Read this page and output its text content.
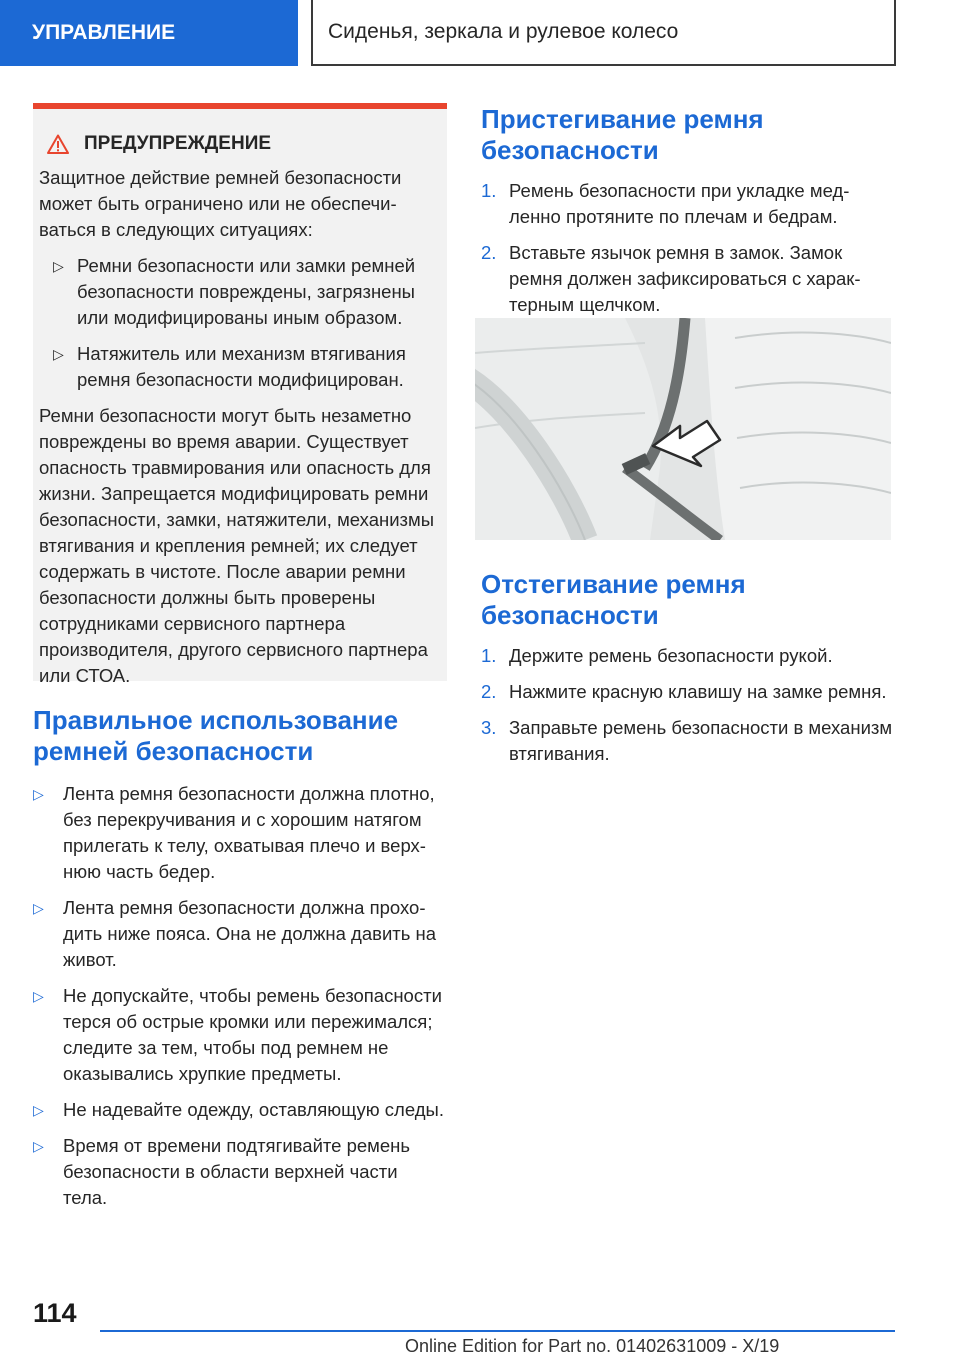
УПРАВЛЕНИЕ	Сиденья, зеркала и рулевое колесо
ПРЕДУПРЕЖДЕНИЕ

Защитное действие ремней безопасности может быть ограничено или не обеспечиваться в следующих ситуациях:

▷ Ремни безопасности или замки ремней безопасности повреждены, загрязнены или модифицированы иным образом.
▷ Натяжитель или механизм втягивания ремня безопасности модифицирован.

Ремни безопасности могут быть незаметно повреждены во время аварии. Существует опасность травмирования или опасность для жизни. Запрещается модифицировать ремни безопасности, замки, натяжители, механизмы втягивания и крепления ремней; их следует содержать в чистоте. После аварии ремни безопасности должны быть проверены сотрудниками сервисного партнера производителя, другого сервисного партнера или СТОА.

Правильное использование ремней безопасности
▷ Лента ремня безопасности должна плотно, без перекручивания и с хорошим натягом прилегать к телу, охватывая плечо и верхнюю часть бедер.
▷ Лента ремня безопасности должна проходить ниже пояса. Она не должна давить на живот.
▷ Не допускайте, чтобы ремень безопасности терся об острые кромки или пережимался; следите за тем, чтобы под ремнем не оказывались хрупкие предметы.
▷ Не надевайте одежду, оставляющую следы.
▷ Время от времени подтягивайте ремень безопасности в области верхней части тела.
Пристегивание ремня безопасности
1. Ремень безопасности при укладке медленно протяните по плечам и бедрам.
2. Вставьте язычок ремня в замок. Замок ремня должен зафиксироваться с характерным щелчком.
Отстегивание ремня безопасности
1. Держите ремень безопасности рукой.
2. Нажмите красную клавишу на замке ремня.
3. Заправьте ремень безопасности в механизм втягивания.
114
Online Edition for Part no. 01402631009 - X/19
